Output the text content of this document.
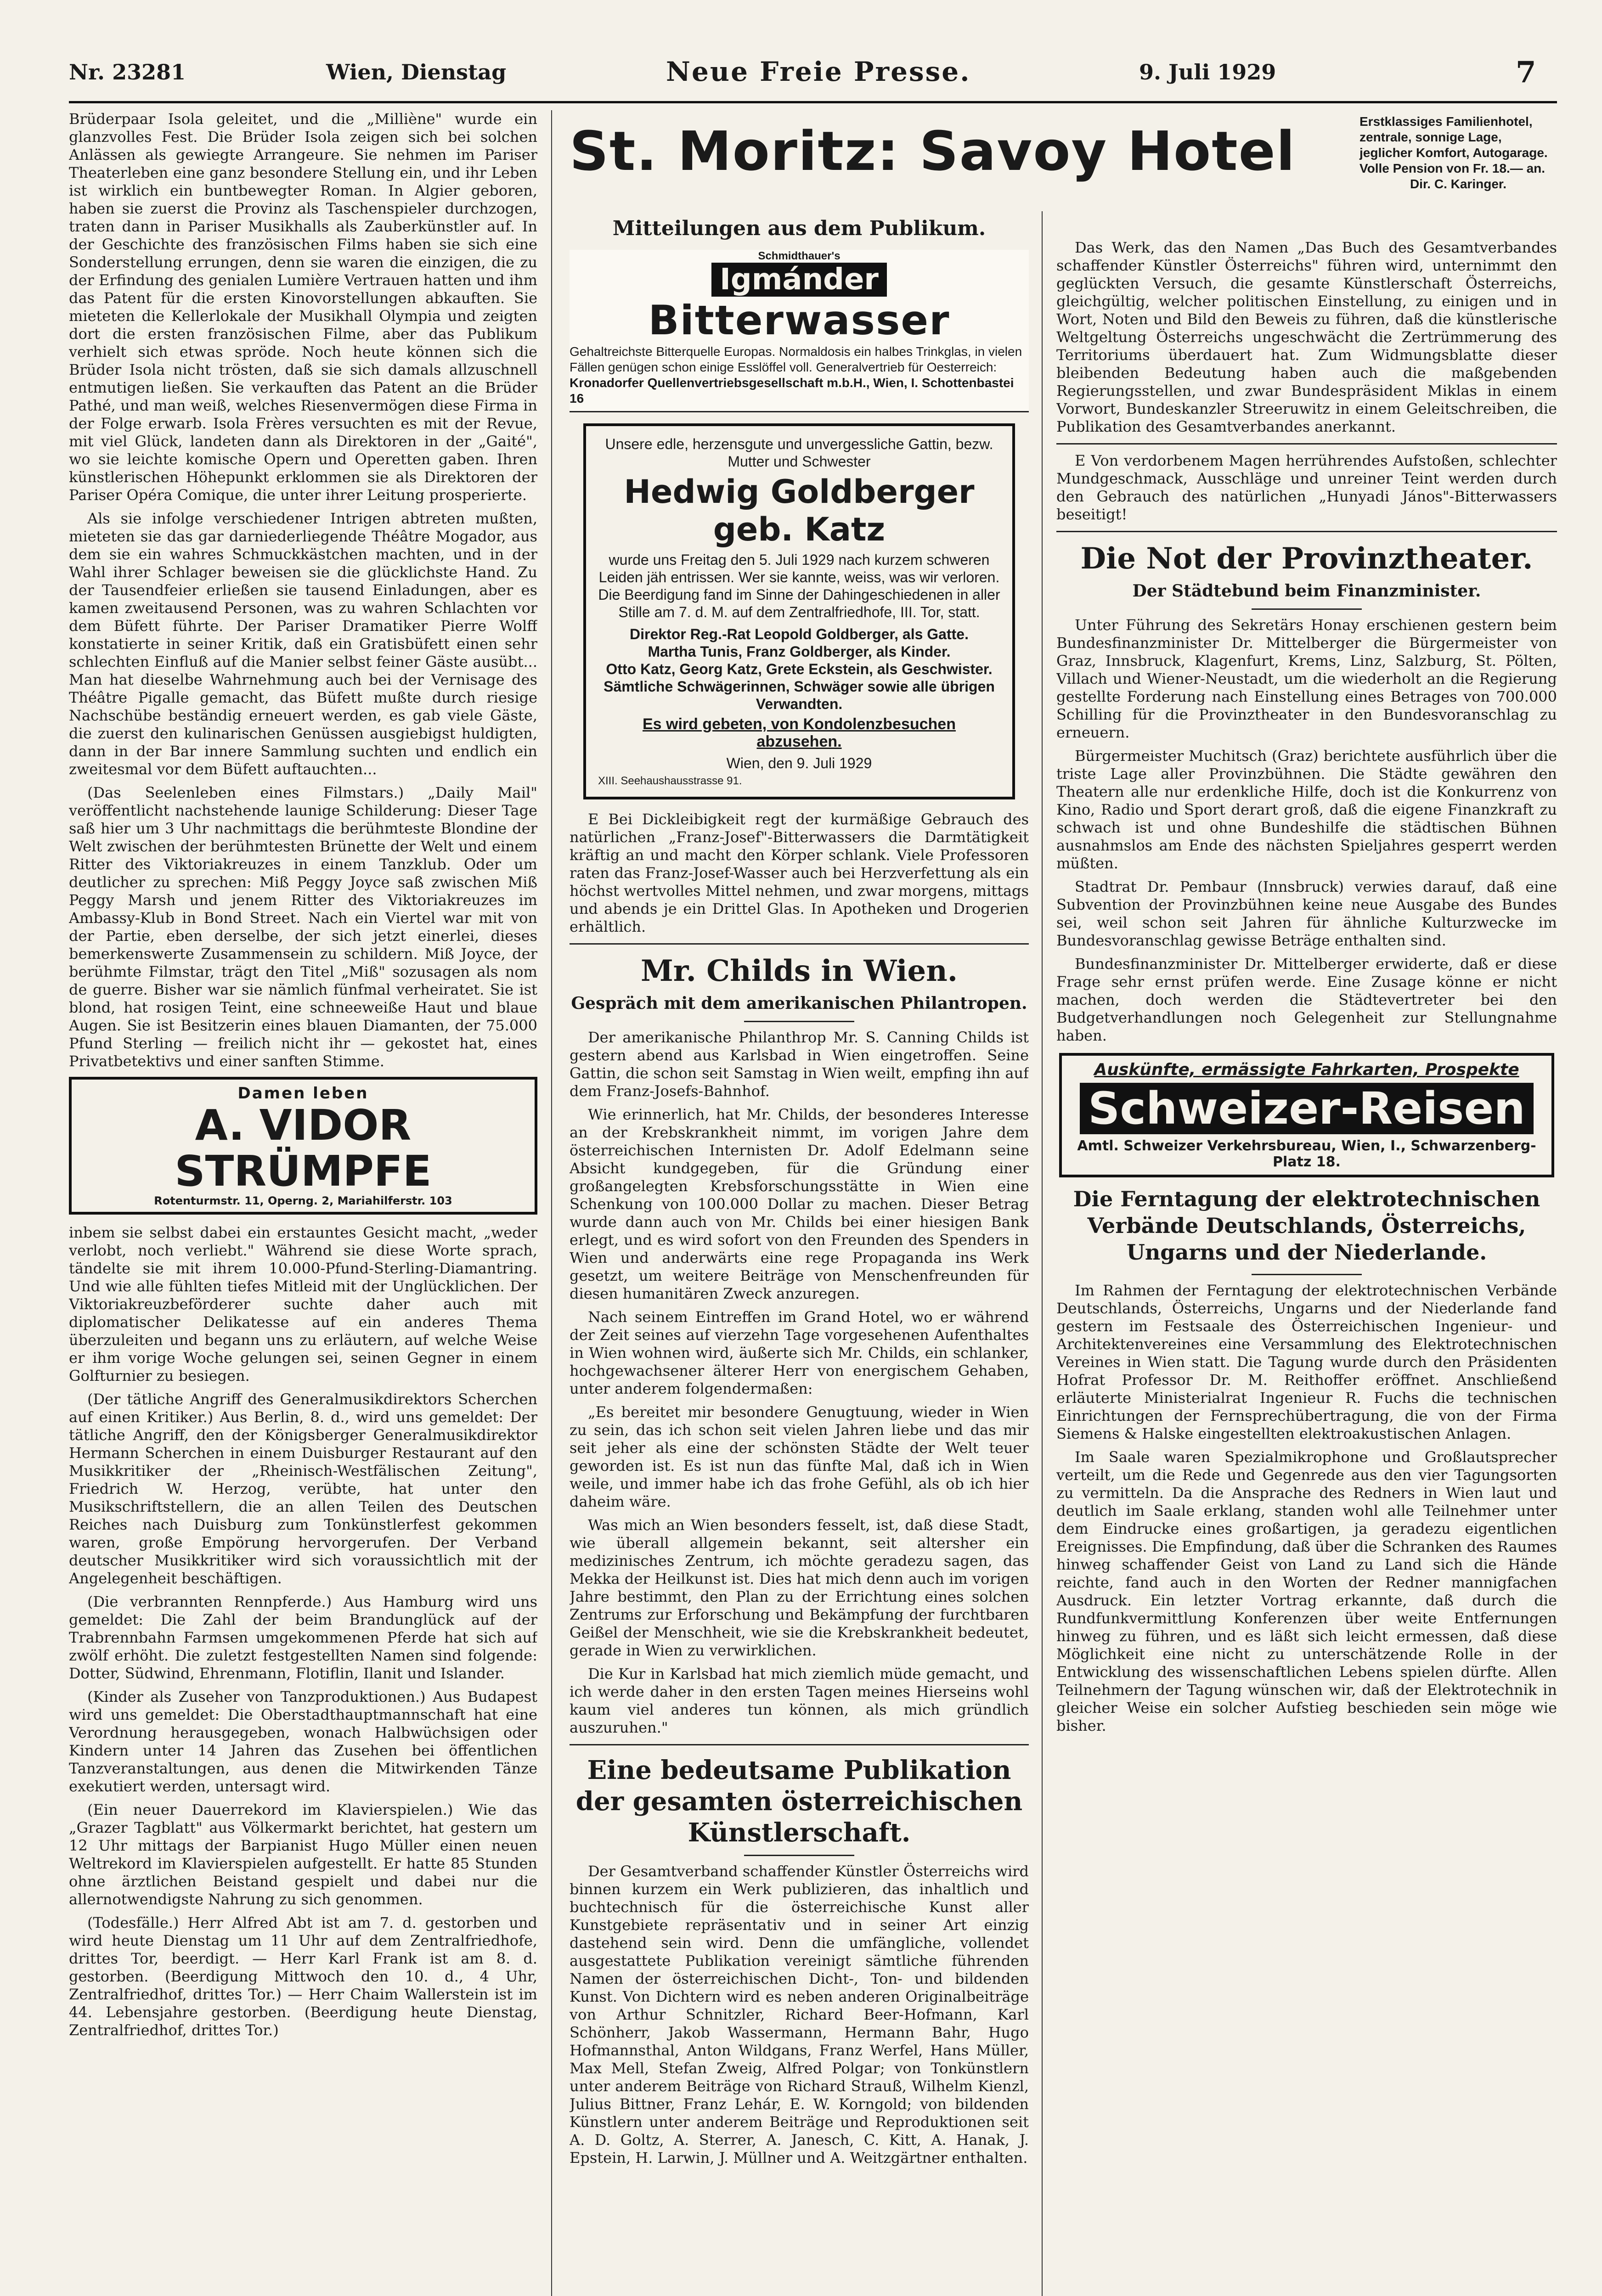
Nr. 23281	Wien, Dienstag	Neue Freie Presse.	9. Juli 1929	7
St. Moritz: Savoy Hotel	Erstklassiges Familienhotel, zentrale, sonnige Lage, jeglicher Komfort, Autogarage. Volle Pension von Fr. 18.— an.
Dir. C. Karinger.

Brüderpaar Isola geleitet, und die „Milliène" wurde ein glanzvolles Fest. Die Brüder Isola zeigen sich bei solchen Anlässen als gewiegte Arrangeure. Sie nehmen im Pariser Theaterleben eine ganz besondere Stellung ein, und ihr Leben ist wirklich ein buntbewegter Roman. In Algier geboren, haben sie zuerst die Provinz als Taschenspieler durchzogen, traten dann in Pariser Musikhalls als Zauberkünstler auf. In der Geschichte des französischen Films haben sie sich eine Sonderstellung errungen, denn sie waren die einzigen, die zu der Erfindung des genialen Lumière Vertrauen hatten und ihm das Patent für die ersten Kinovorstellungen abkauften. Sie mieteten die Kellerlokale der Musikhall Olympia und zeigten dort die ersten französischen Filme, aber das Publikum verhielt sich etwas spröde. Noch heute können sich die Brüder Isola nicht trösten, daß sie sich damals allzuschnell entmutigen ließen. Sie verkauften das Patent an die Brüder Pathé, und man weiß, welches Riesenvermögen diese Firma in der Folge erwarb. Isola Frères versuchten es mit der Revue, mit viel Glück, landeten dann als Direktoren in der „Gaité", wo sie leichte komische Opern und Operetten gaben. Ihren künstlerischen Höhepunkt erklommen sie als Direktoren der Pariser Opéra Comique, die unter ihrer Leitung prosperierte.

Als sie infolge verschiedener Intrigen abtreten mußten, mieteten sie das gar darniederliegende Théâtre Mogador, aus dem sie ein wahres Schmuckkästchen machten, und in der Wahl ihrer Schlager beweisen sie die glücklichste Hand. Zu der Tausendfeier erließen sie tausend Einladungen, aber es kamen zweitausend Personen, was zu wahren Schlachten vor dem Büfett führte. Der Pariser Dramatiker Pierre Wolff konstatierte in seiner Kritik, daß ein Gratisbüfett einen sehr schlechten Einfluß auf die Manier selbst feiner Gäste ausübt... Man hat dieselbe Wahrnehmung auch bei der Vernisage des Théâtre Pigalle gemacht, das Büfett mußte durch riesige Nachschübe beständig erneuert werden, es gab viele Gäste, die zuerst den kulinarischen Genüssen ausgiebigst huldigten, dann in der Bar innere Sammlung suchten und endlich ein zweitesmal vor dem Büfett auftauchten...

(Das Seelenleben eines Filmstars.) „Daily Mail" veröffentlicht nachstehende launige Schilderung: Dieser Tage saß hier um 3 Uhr nachmittags die berühmteste Blondine der Welt zwischen der berühmtesten Brünette der Welt und einem Ritter des Viktoriakreuzes in einem Tanzklub. Oder um deutlicher zu sprechen: Miß Peggy Joyce saß zwischen Miß Peggy Marsh und jenem Ritter des Viktoriakreuzes im Ambassy-Klub in Bond Street. Nach ein Viertel war mit von der Partie, eben derselbe, der sich jetzt einerlei, dieses bemerkenswerte Zusammensein zu schildern. Miß Joyce, der berühmte Filmstar, trägt den Titel „Miß" sozusagen als nom de guerre. Bisher war sie nämlich fünfmal verheiratet. Sie ist blond, hat rosigen Teint, eine schneeweiße Haut und blaue Augen. Sie ist Besitzerin eines blauen Diamanten, der 75.000 Pfund Sterling — freilich nicht ihr — gekostet hat, eines Privatbetektivs und einer sanften Stimme.

Damen leben
A. VIDOR STRÜMPFE
Rotenturmstr. 11, Operng. 2, Mariahilferstr. 103

inbem sie selbst dabei ein erstauntes Gesicht macht, „weder verlobt, noch verliebt." Während sie diese Worte sprach, tändelte sie mit ihrem 10.000-Pfund-Sterling-Diamantring. Und wie alle fühlten tiefes Mitleid mit der Unglücklichen. Der Viktoriakreuzbeförderer suchte daher auch mit diplomatischer Delikatesse auf ein anderes Thema überzuleiten und begann uns zu erläutern, auf welche Weise er ihm vorige Woche gelungen sei, seinen Gegner in einem Golfturnier zu besiegen.

(Der tätliche Angriff des Generalmusikdirektors Scherchen auf einen Kritiker.) Aus Berlin, 8. d., wird uns gemeldet: Der tätliche Angriff, den der Königsberger Generalmusikdirektor Hermann Scherchen in einem Duisburger Restaurant auf den Musikkritiker der „Rheinisch-Westfälischen Zeitung", Friedrich W. Herzog, verübte, hat unter den Musikschriftstellern, die an allen Teilen des Deutschen Reiches nach Duisburg zum Tonkünstlerfest gekommen waren, große Empörung hervorgerufen. Der Verband deutscher Musikkritiker wird sich voraussichtlich mit der Angelegenheit beschäftigen.

(Die verbrannten Rennpferde.) Aus Hamburg wird uns gemeldet: Die Zahl der beim Brandunglück auf der Trabrennbahn Farmsen umgekommenen Pferde hat sich auf zwölf erhöht. Die zuletzt festgestellten Namen sind folgende: Dotter, Südwind, Ehrenmann, Flotiflin, Ilanit und Islander.

(Kinder als Zuseher von Tanzproduktionen.) Aus Budapest wird uns gemeldet: Die Oberstadthauptmannschaft hat eine Verordnung herausgegeben, wonach Halbwüchsigen oder Kindern unter 14 Jahren das Zusehen bei öffentlichen Tanzveranstaltungen, aus denen die Mitwirkenden Tänze exekutiert werden, untersagt wird.

(Ein neuer Dauerrekord im Klavierspielen.) Wie das „Grazer Tagblatt" aus Völkermarkt berichtet, hat gestern um 12 Uhr mittags der Barpianist Hugo Müller einen neuen Weltrekord im Klavierspielen aufgestellt. Er hatte 85 Stunden ohne ärztlichen Beistand gespielt und dabei nur die allernotwendigste Nahrung zu sich genommen.

(Todesfälle.) Herr Alfred Abt ist am 7. d. gestorben und wird heute Dienstag um 11 Uhr auf dem Zentralfriedhofe, drittes Tor, beerdigt. — Herr Karl Frank ist am 8. d. gestorben. (Beerdigung Mittwoch den 10. d., 4 Uhr, Zentralfriedhof, drittes Tor.) — Herr Chaim Wallerstein ist im 44. Lebensjahre gestorben. (Beerdigung heute Dienstag, Zentralfriedhof, drittes Tor.)

Mitteilungen aus dem Publikum.
Schmidthauer's
Igmánder Bitterwasser
Gehaltreichste Bitterquelle Europas. Normaldosis ein halbes Trinkglas, in vielen Fällen genügen schon einige Esslöffel voll. Generalvertrieb für Oesterreich:
Kronadorfer Quellenvertriebsgesellschaft m.b.H., Wien, I. Schottenbastei 16
Unsere edle, herzensgute und unvergessliche Gattin, bezw. Mutter und Schwester
Hedwig Goldberger geb. Katz
wurde uns Freitag den 5. Juli 1929 nach kurzem schweren Leiden jäh entrissen. Wer sie kannte, weiss, was wir verloren. Die Beerdigung fand im Sinne der Dahingeschiedenen in aller Stille am 7. d. M. auf dem Zentralfriedhofe, III. Tor, statt.
Direktor Reg.-Rat Leopold Goldberger, als Gatte.
Martha Tunis, Franz Goldberger, als Kinder.
Otto Katz, Georg Katz, Grete Eckstein, als Geschwister.
Sämtliche Schwägerinnen, Schwäger sowie alle übrigen Verwandten.
Es wird gebeten, von Kondolenzbesuchen abzusehen.
Wien, den 9. Juli 1929
XIII. Seehaushausstrasse 91.

E Bei Dickleibigkeit regt der kurmäßige Gebrauch des natürlichen „Franz-Josef"-Bitterwassers die Darmtätigkeit kräftig an und macht den Körper schlank. Viele Professoren raten das Franz-Josef-Wasser auch bei Herzverfettung als ein höchst wertvolles Mittel nehmen, und zwar morgens, mittags und abends je ein Drittel Glas. In Apotheken und Drogerien erhältlich.

Mr. Childs in Wien.
Gespräch mit dem amerikanischen Philantropen.

Der amerikanische Philanthrop Mr. S. Canning Childs ist gestern abend aus Karlsbad in Wien eingetroffen. Seine Gattin, die schon seit Samstag in Wien weilt, empfing ihn auf dem Franz-Josefs-Bahnhof.

Wie erinnerlich, hat Mr. Childs, der besonderes Interesse an der Krebskrankheit nimmt, im vorigen Jahre dem österreichischen Internisten Dr. Adolf Edelmann seine Absicht kundgegeben, für die Gründung einer großangelegten Krebsforschungsstätte in Wien eine Schenkung von 100.000 Dollar zu machen. Dieser Betrag wurde dann auch von Mr. Childs bei einer hiesigen Bank erlegt, und es wird sofort von den Freunden des Spenders in Wien und anderwärts eine rege Propaganda ins Werk gesetzt, um weitere Beiträge von Menschenfreunden für diesen humanitären Zweck anzuregen.

Nach seinem Eintreffen im Grand Hotel, wo er während der Zeit seines auf vierzehn Tage vorgesehenen Aufenthaltes in Wien wohnen wird, äußerte sich Mr. Childs, ein schlanker, hochgewachsener älterer Herr von energischem Gehaben, unter anderem folgendermaßen:

„Es bereitet mir besondere Genugtuung, wieder in Wien zu sein, das ich schon seit vielen Jahren liebe und das mir seit jeher als eine der schönsten Städte der Welt teuer geworden ist. Es ist nun das fünfte Mal, daß ich in Wien weile, und immer habe ich das frohe Gefühl, als ob ich hier daheim wäre.

Was mich an Wien besonders fesselt, ist, daß diese Stadt, wie überall allgemein bekannt, seit altersher ein medizinisches Zentrum, ich möchte geradezu sagen, das Mekka der Heilkunst ist. Dies hat mich denn auch im vorigen Jahre bestimmt, den Plan zu der Errichtung eines solchen Zentrums zur Erforschung und Bekämpfung der furchtbaren Geißel der Menschheit, wie sie die Krebskrankheit bedeutet, gerade in Wien zu verwirklichen.

Die Kur in Karlsbad hat mich ziemlich müde gemacht, und ich werde daher in den ersten Tagen meines Hierseins wohl kaum viel anderes tun können, als mich gründlich auszuruhen."

Eine bedeutsame Publikation der gesamten österreichischen Künstlerschaft.

Der Gesamtverband schaffender Künstler Österreichs wird binnen kurzem ein Werk publizieren, das inhaltlich und buchtechnisch für die österreichische Kunst aller Kunstgebiete repräsentativ und in seiner Art einzig dastehend sein wird. Denn die umfängliche, vollendet ausgestattete Publikation vereinigt sämtliche führenden Namen der österreichischen Dicht-, Ton- und bildenden Kunst. Von Dichtern wird es neben anderen Originalbeiträge von Arthur Schnitzler, Richard Beer-Hofmann, Karl Schönherr, Jakob Wassermann, Hermann Bahr, Hugo Hofmannsthal, Anton Wildgans, Franz Werfel, Hans Müller, Max Mell, Stefan Zweig, Alfred Polgar; von Tonkünstlern unter anderem Beiträge von Richard Strauß, Wilhelm Kienzl, Julius Bittner, Franz Lehár, E. W. Korngold; von bildenden Künstlern unter anderem Beiträge und Reproduktionen seit A. D. Goltz, A. Sterrer, A. Janesch, C. Kitt, A. Hanak, J. Epstein, H. Larwin, J. Müllner und A. Weitzgärtner enthalten.

Das Werk, das den Namen „Das Buch des Gesamtverbandes schaffender Künstler Österreichs" führen wird, unternimmt den geglückten Versuch, die gesamte Künstlerschaft Österreichs, gleichgültig, welcher politischen Einstellung, zu einigen und in Wort, Noten und Bild den Beweis zu führen, daß die künstlerische Weltgeltung Österreichs ungeschwächt die Zertrümmerung des Territoriums überdauert hat. Zum Widmungsblatte dieser bleibenden Bedeutung haben auch die maßgebenden Regierungsstellen, und zwar Bundespräsident Miklas in einem Vorwort, Bundeskanzler Streeruwitz in einem Geleitschreiben, die Publikation des Gesamtverbandes anerkannt.

E Von verdorbenem Magen herrührendes Aufstoßen, schlechter Mundgeschmack, Ausschläge und unreiner Teint werden durch den Gebrauch des natürlichen „Hunyadi János"-Bitterwassers beseitigt!

Die Not der Provinztheater.
Der Städtebund beim Finanzminister.

Unter Führung des Sekretärs Honay erschienen gestern beim Bundesfinanzminister Dr. Mittelberger die Bürgermeister von Graz, Innsbruck, Klagenfurt, Krems, Linz, Salzburg, St. Pölten, Villach und Wiener-Neustadt, um die wiederholt an die Regierung gestellte Forderung nach Einstellung eines Betrages von 700.000 Schilling für die Provinztheater in den Bundesvoranschlag zu erneuern.

Bürgermeister Muchitsch (Graz) berichtete ausführlich über die triste Lage aller Provinzbühnen. Die Städte gewähren den Theatern alle nur erdenkliche Hilfe, doch ist die Konkurrenz von Kino, Radio und Sport derart groß, daß die eigene Finanzkraft zu schwach ist und ohne Bundeshilfe die städtischen Bühnen ausnahmslos am Ende des nächsten Spieljahres gesperrt werden müßten.

Stadtrat Dr. Pembaur (Innsbruck) verwies darauf, daß eine Subvention der Provinzbühnen keine neue Ausgabe des Bundes sei, weil schon seit Jahren für ähnliche Kulturzwecke im Bundesvoranschlag gewisse Beträge enthalten sind.

Bundesfinanzminister Dr. Mittelberger erwiderte, daß er diese Frage sehr ernst prüfen werde. Eine Zusage könne er nicht machen, doch werden die Städtevertreter bei den Budgetverhandlungen noch Gelegenheit zur Stellungnahme haben.

Auskünfte, ermässigte Fahrkarten, Prospekte
Schweizer-Reisen
Amtl. Schweizer Verkehrsbureau, Wien, I., Schwarzenberg-Platz 18.
Die Ferntagung der elektrotechnischen Verbände Deutschlands, Österreichs, Ungarns und der Niederlande.

Im Rahmen der Ferntagung der elektrotechnischen Verbände Deutschlands, Österreichs, Ungarns und der Niederlande fand gestern im Festsaale des Österreichischen Ingenieur- und Architektenvereines eine Versammlung des Elektrotechnischen Vereines in Wien statt. Die Tagung wurde durch den Präsidenten Hofrat Professor Dr. M. Reithoffer eröffnet. Anschließend erläuterte Ministerialrat Ingenieur R. Fuchs die technischen Einrichtungen der Fernsprechübertragung, die von der Firma Siemens & Halske eingestellten elektroakustischen Anlagen.

Im Saale waren Spezialmikrophone und Großlautsprecher verteilt, um die Rede und Gegenrede aus den vier Tagungsorten zu vermitteln. Da die Ansprache des Redners in Wien laut und deutlich im Saale erklang, standen wohl alle Teilnehmer unter dem Eindrucke eines großartigen, ja geradezu eigentlichen Ereignisses. Die Empfindung, daß über die Schranken des Raumes hinweg schaffender Geist von Land zu Land sich die Hände reichte, fand auch in den Worten der Redner mannigfachen Ausdruck. Ein letzter Vortrag erkannte, daß durch die Rundfunkvermittlung Konferenzen über weite Entfernungen hinweg zu führen, und es läßt sich leicht ermessen, daß diese Möglichkeit eine nicht zu unterschätzende Rolle in der Entwicklung des wissenschaftlichen Lebens spielen dürfte. Allen Teilnehmern der Tagung wünschen wir, daß der Elektrotechnik in gleicher Weise ein solcher Aufstieg beschieden sein möge wie bisher.
